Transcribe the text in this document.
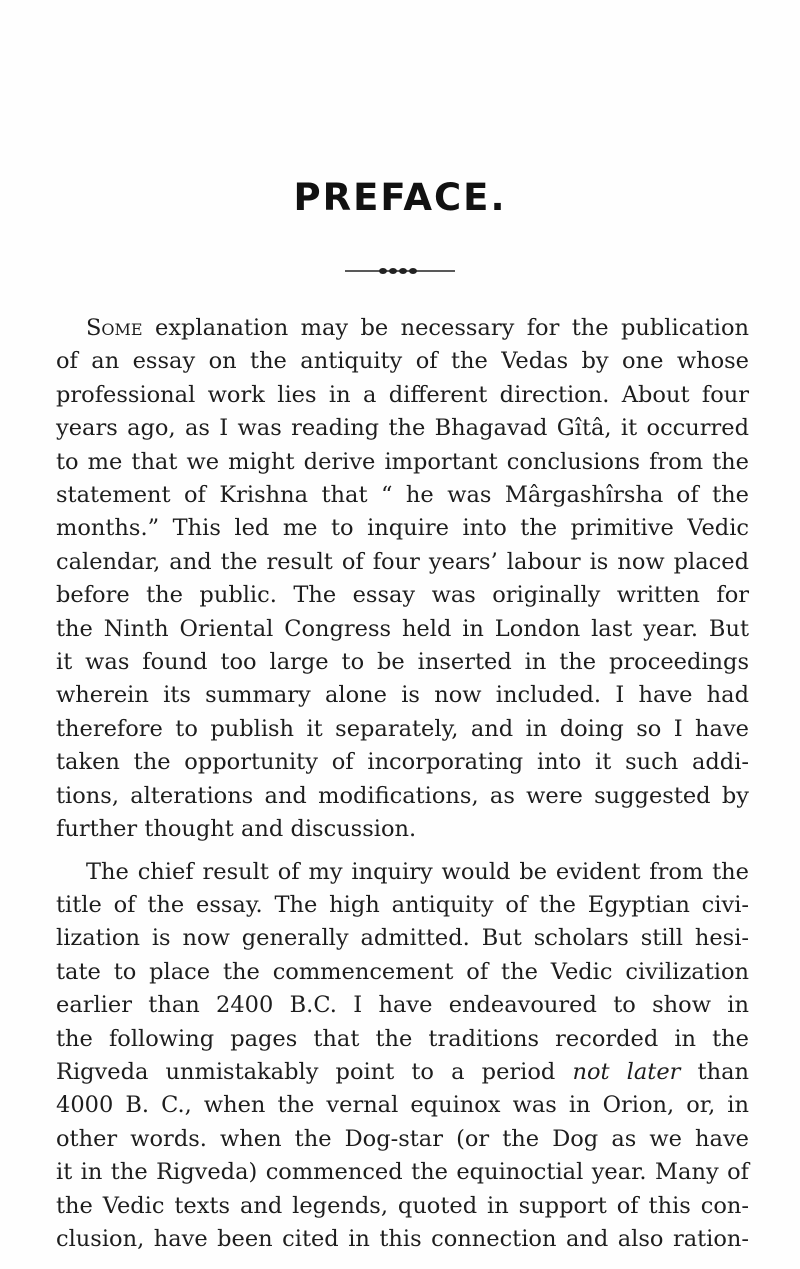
PREFACE.

Some explanation may be necessary for the publication
of an essay on the antiquity of the Vedas by one whose
professional work lies in a different direction. About four
years ago, as I was reading the Bhagavad Gîtâ, it occurred
to me that we might derive important conclusions from the
statement of Krishna that “ he was Mârgashîrsha of the
months.” This led me to inquire into the primitive Vedic
calendar, and the result of four years’ labour is now placed
before the public. The essay was originally written for
the Ninth Oriental Congress held in London last year. But
it was found too large to be inserted in the proceedings
wherein its summary alone is now included. I have had
therefore to publish it separately, and in doing so I have
taken the opportunity of incorporating into it such addi-
tions, alterations and modifications, as were suggested by
further thought and discussion.

The chief result of my inquiry would be evident from the
title of the essay. The high antiquity of the Egyptian civi-
lization is now generally admitted. But scholars still hesi-
tate to place the commencement of the Vedic civilization
earlier than 2400 B.C. I have endeavoured to show in
the following pages that the traditions recorded in the
Rigveda unmistakably point to a period not later than
4000 B. C., when the vernal equinox was in Orion, or, in
other words. when the Dog-star (or the Dog as we have
it in the Rigveda) commenced the equinoctial year. Many of
the Vedic texts and legends, quoted in support of this con-
clusion, have been cited in this connection and also ration-
